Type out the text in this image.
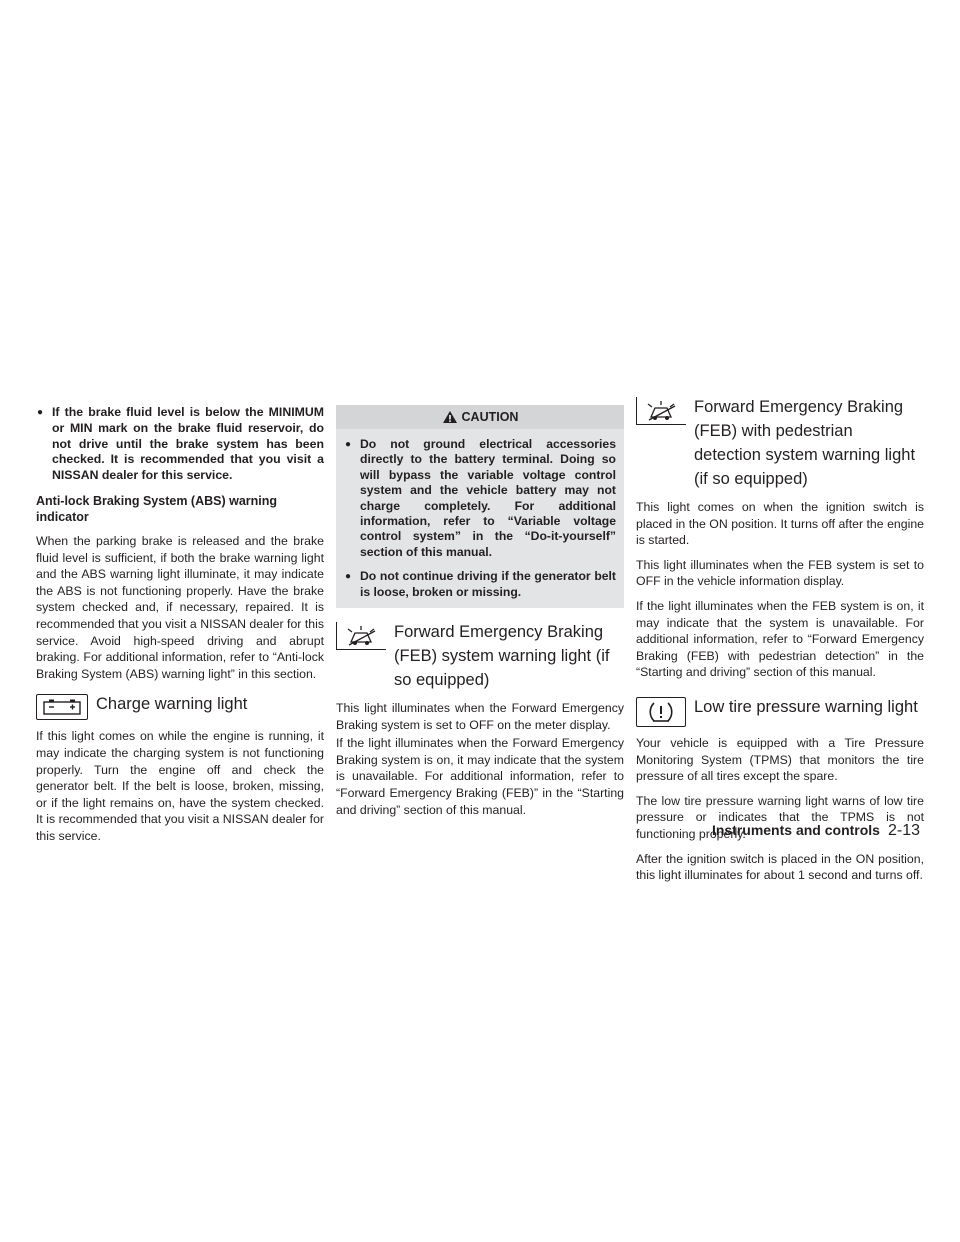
● If the brake fluid level is below the MINIMUM or MIN mark on the brake fluid reservoir, do not drive until the brake system has been checked. It is recommended that you visit a NISSAN dealer for this service.
Anti-lock Braking System (ABS) warning indicator

When the parking brake is released and the brake fluid level is sufficient, if both the brake warning light and the ABS warning light illuminate, it may indicate the ABS is not functioning properly. Have the brake system checked and, if necessary, repaired. It is recommended that you visit a NISSAN dealer for this service. Avoid high-speed driving and abrupt braking. For additional information, refer to “Anti-lock Braking System (ABS) warning light” in this section.

Charge warning light

If this light comes on while the engine is running, it may indicate the charging system is not functioning properly. Turn the engine off and check the generator belt. If the belt is loose, broken, missing, or if the light remains on, have the system checked. It is recommended that you visit a NISSAN dealer for this service.

CAUTION
● Do not ground electrical accessories directly to the battery terminal. Doing so will bypass the variable voltage control system and the vehicle battery may not charge completely. For additional information, refer to “Variable voltage control system” in the “Do-it-yourself” section of this manual.
● Do not continue driving if the generator belt is loose, broken or missing.
Forward Emergency Braking (FEB) system warning light (if so equipped)

This light illuminates when the Forward Emergency Braking system is set to OFF on the meter display.

If the light illuminates when the Forward Emergency Braking system is on, it may indicate that the system is unavailable. For additional information, refer to “Forward Emergency Braking (FEB)” in the “Starting and driving” section of this manual.

Forward Emergency Braking (FEB) with pedestrian detection system warning light (if so equipped)

This light comes on when the ignition switch is placed in the ON position. It turns off after the engine is started.

This light illuminates when the FEB system is set to OFF in the vehicle information display.

If the light illuminates when the FEB system is on, it may indicate that the system is unavailable. For additional information, refer to “Forward Emergency Braking (FEB) with pedestrian detection” in the “Starting and driving” section of this manual.

Low tire pressure warning light

Your vehicle is equipped with a Tire Pressure Monitoring System (TPMS) that monitors the tire pressure of all tires except the spare.

The low tire pressure warning light warns of low tire pressure or indicates that the TPMS is not functioning properly.

After the ignition switch is placed in the ON position, this light illuminates for about 1 second and turns off.

Instruments and controls 2-13
